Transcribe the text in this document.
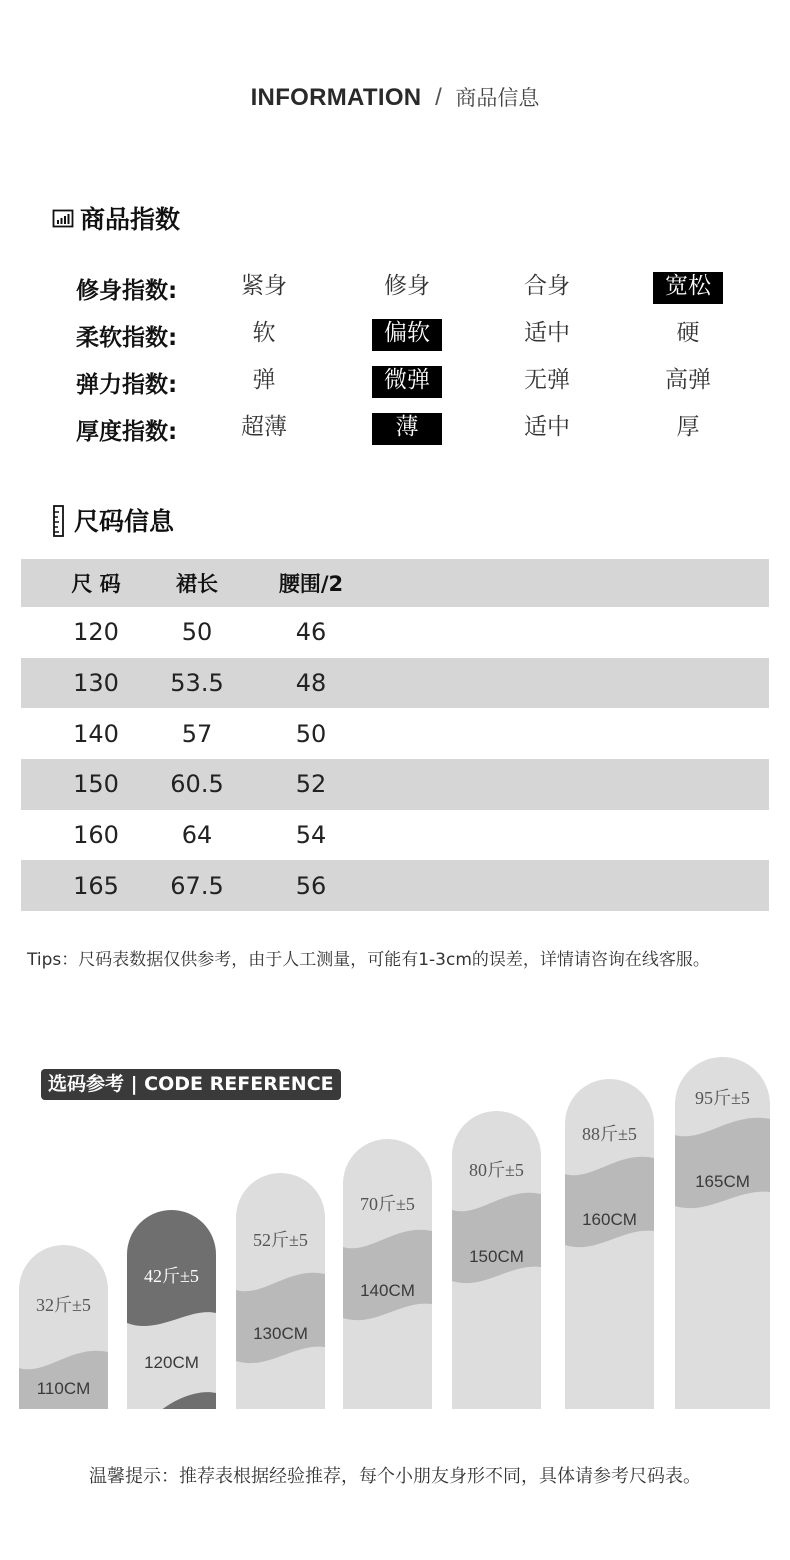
INFORMATION / 商品信息
商品指数
修身指数:	紧身	修身	合身	宽松
柔软指数:	软	偏软	适中	硬
弹力指数:	弹	微弹	无弹	高弹
厚度指数:	超薄	薄	适中	厚
尺码信息
尺 码	裙长	腰围/2
120	50	46
130	53.5	48
140	57	50
150	60.5	52
160	64	54
165	67.5	56
Tips：尺码表数据仅供参考，由于人工测量，可能有1-3cm的误差，详情请咨询在线客服。
32斤±5
110CM
42斤±5
120CM
52斤±5
130CM
70斤±5
140CM
80斤±5
150CM
88斤±5
160CM
95斤±5
165CM
选码参考 | CODE REFERENCE
温馨提示：推荐表根据经验推荐，每个小朋友身形不同，具体请参考尺码表。
